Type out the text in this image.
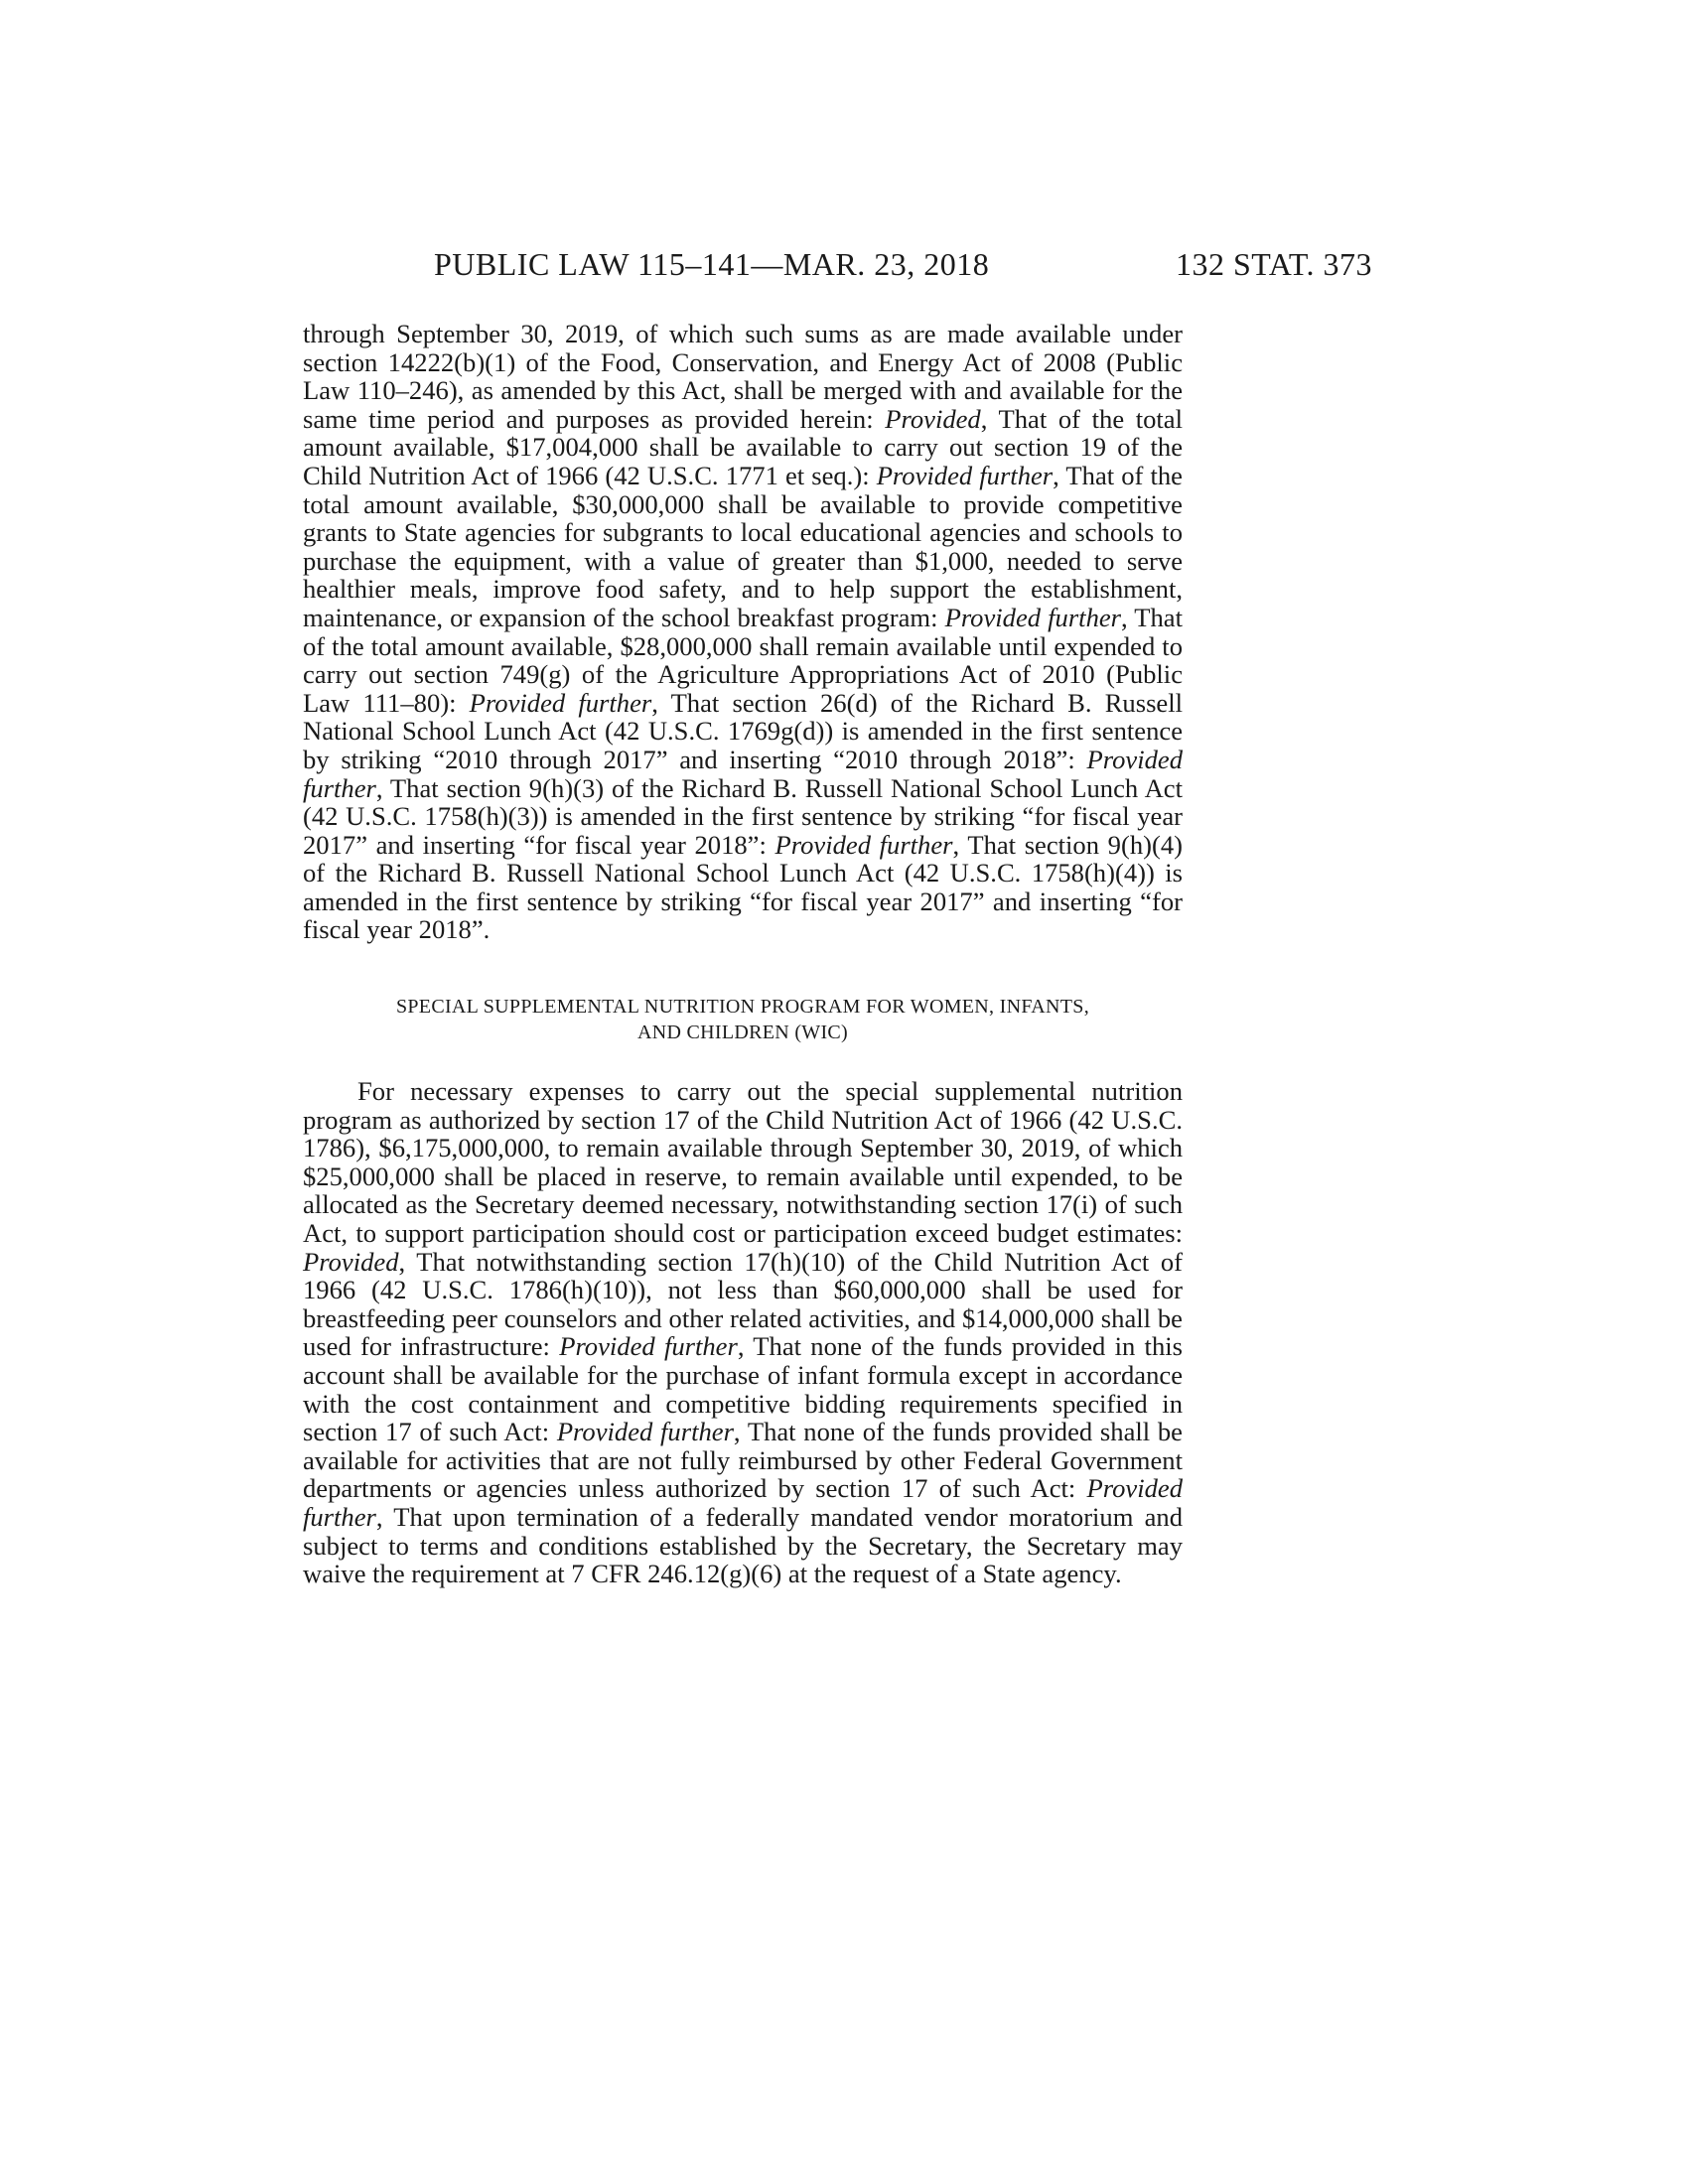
PUBLIC LAW 115–141—MAR. 23, 2018	132 STAT. 373

through September 30, 2019, of which such sums as are made available under section 14222(b)(1) of the Food, Conservation, and Energy Act of 2008 (Public Law 110–246), as amended by this Act, shall be merged with and available for the same time period and purposes as provided herein: Provided, That of the total amount available, $17,004,000 shall be available to carry out section 19 of the Child Nutrition Act of 1966 (42 U.S.C. 1771 et seq.): Provided further, That of the total amount available, $30,000,000 shall be available to provide competitive grants to State agencies for subgrants to local educational agencies and schools to purchase the equipment, with a value of greater than $1,000, needed to serve healthier meals, improve food safety, and to help support the establishment, maintenance, or expansion of the school breakfast program: Provided further, That of the total amount available, $28,000,000 shall remain available until expended to carry out section 749(g) of the Agriculture Appropriations Act of 2010 (Public Law 111–80): Provided further, That section 26(d) of the Richard B. Russell National School Lunch Act (42 U.S.C. 1769g(d)) is amended in the first sentence by striking “2010 through 2017” and inserting “2010 through 2018”: Provided further, That section 9(h)(3) of the Richard B. Russell National School Lunch Act (42 U.S.C. 1758(h)(3)) is amended in the first sentence by striking “for fiscal year 2017” and inserting “for fiscal year 2018”: Provided further, That section 9(h)(4) of the Richard B. Russell National School Lunch Act (42 U.S.C. 1758(h)(4)) is amended in the first sentence by striking “for fiscal year 2017” and inserting “for fiscal year 2018”.

SPECIAL SUPPLEMENTAL NUTRITION PROGRAM FOR WOMEN, INFANTS,
AND CHILDREN (WIC)

For necessary expenses to carry out the special supplemental nutrition program as authorized by section 17 of the Child Nutrition Act of 1966 (42 U.S.C. 1786), $6,175,000,000, to remain available through September 30, 2019, of which $25,000,000 shall be placed in reserve, to remain available until expended, to be allocated as the Secretary deemed necessary, notwithstanding section 17(i) of such Act, to support participation should cost or participation exceed budget estimates: Provided, That notwithstanding section 17(h)(10) of the Child Nutrition Act of 1966 (42 U.S.C. 1786(h)(10)), not less than $60,000,000 shall be used for breastfeeding peer counselors and other related activities, and $14,000,000 shall be used for infrastructure: Provided further, That none of the funds provided in this account shall be available for the purchase of infant formula except in accordance with the cost containment and competitive bidding requirements specified in section 17 of such Act: Provided further, That none of the funds provided shall be available for activities that are not fully reimbursed by other Federal Government departments or agencies unless authorized by section 17 of such Act: Provided further, That upon termination of a federally mandated vendor moratorium and subject to terms and conditions established by the Secretary, the Secretary may waive the requirement at 7 CFR 246.12(g)(6) at the request of a State agency.
